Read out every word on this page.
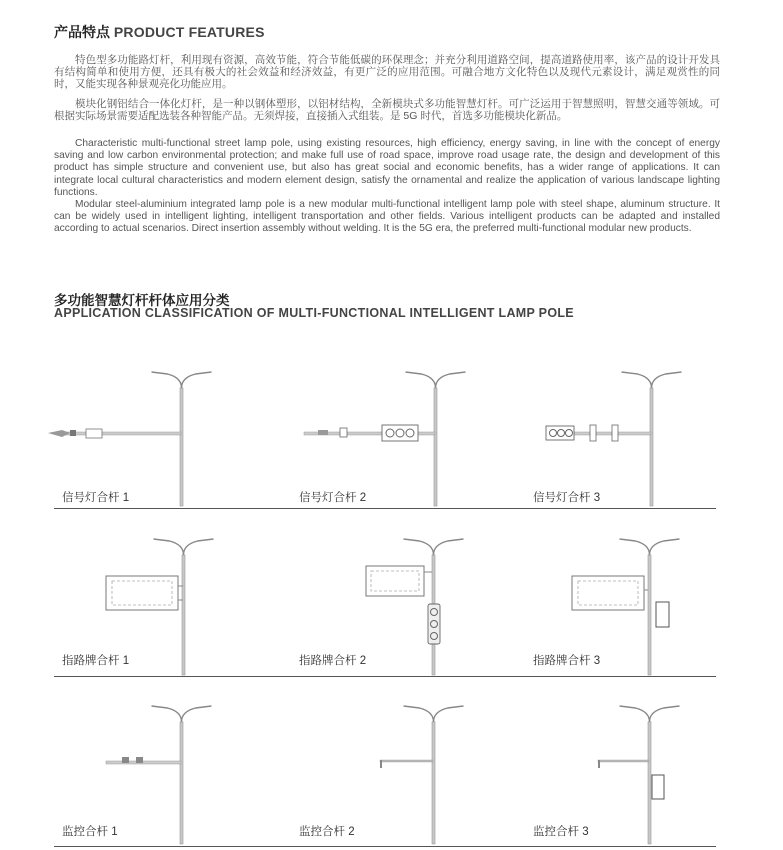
产品特点 PRODUCT FEATURES

特色型多功能路灯杆，利用现有资源，高效节能，符合节能低碳的环保理念；并充分利用道路空间，提高道路使用率，该产品的设计开发具有结构简单和使用方便，还具有极大的社会效益和经济效益，有更广泛的应用范围。可融合地方文化特色以及现代元素设计，满足观赏性的同时，又能实现各种景观亮化功能应用。

模块化钢铝结合一体化灯杆，是一种以钢体塑形，以铝材结构，全新模块式多功能智慧灯杆。可广泛运用于智慧照明，智慧交通等领域。可根据实际场景需要适配选装各种智能产品。无须焊接，直接插入式组装。是 5G 时代，首选多功能模块化新品。

Characteristic multi-functional street lamp pole, using existing resources, high efficiency, energy saving, in line with the concept of energy saving and low carbon environmental protection; and make full use of road space, improve road usage rate, the design and development of this product has simple structure and convenient use, but also has great social and economic benefits, has a wider range of applications. It can integrate local cultural characteristics and modern element design, satisfy the ornamental and realize the application of various landscape lighting functions.

Modular steel-aluminium integrated lamp pole is a new modular multi-functional intelligent lamp pole with steel shape, aluminum structure. It can be widely used in intelligent lighting, intelligent transportation and other fields. Various intelligent products can be adapted and installed according to actual scenarios. Direct insertion assembly without welding. It is the 5G era, the preferred multi-functional modular new products.

多功能智慧灯杆杆体应用分类
APPLICATION CLASSIFICATION OF MULTI-FUNCTIONAL INTELLIGENT LAMP POLE
信号灯合杆 1	信号灯合杆 2	信号灯合杆 3
指路牌合杆 1	指路牌合杆 2	指路牌合杆 3
监控合杆 1	监控合杆 2	监控合杆 3
